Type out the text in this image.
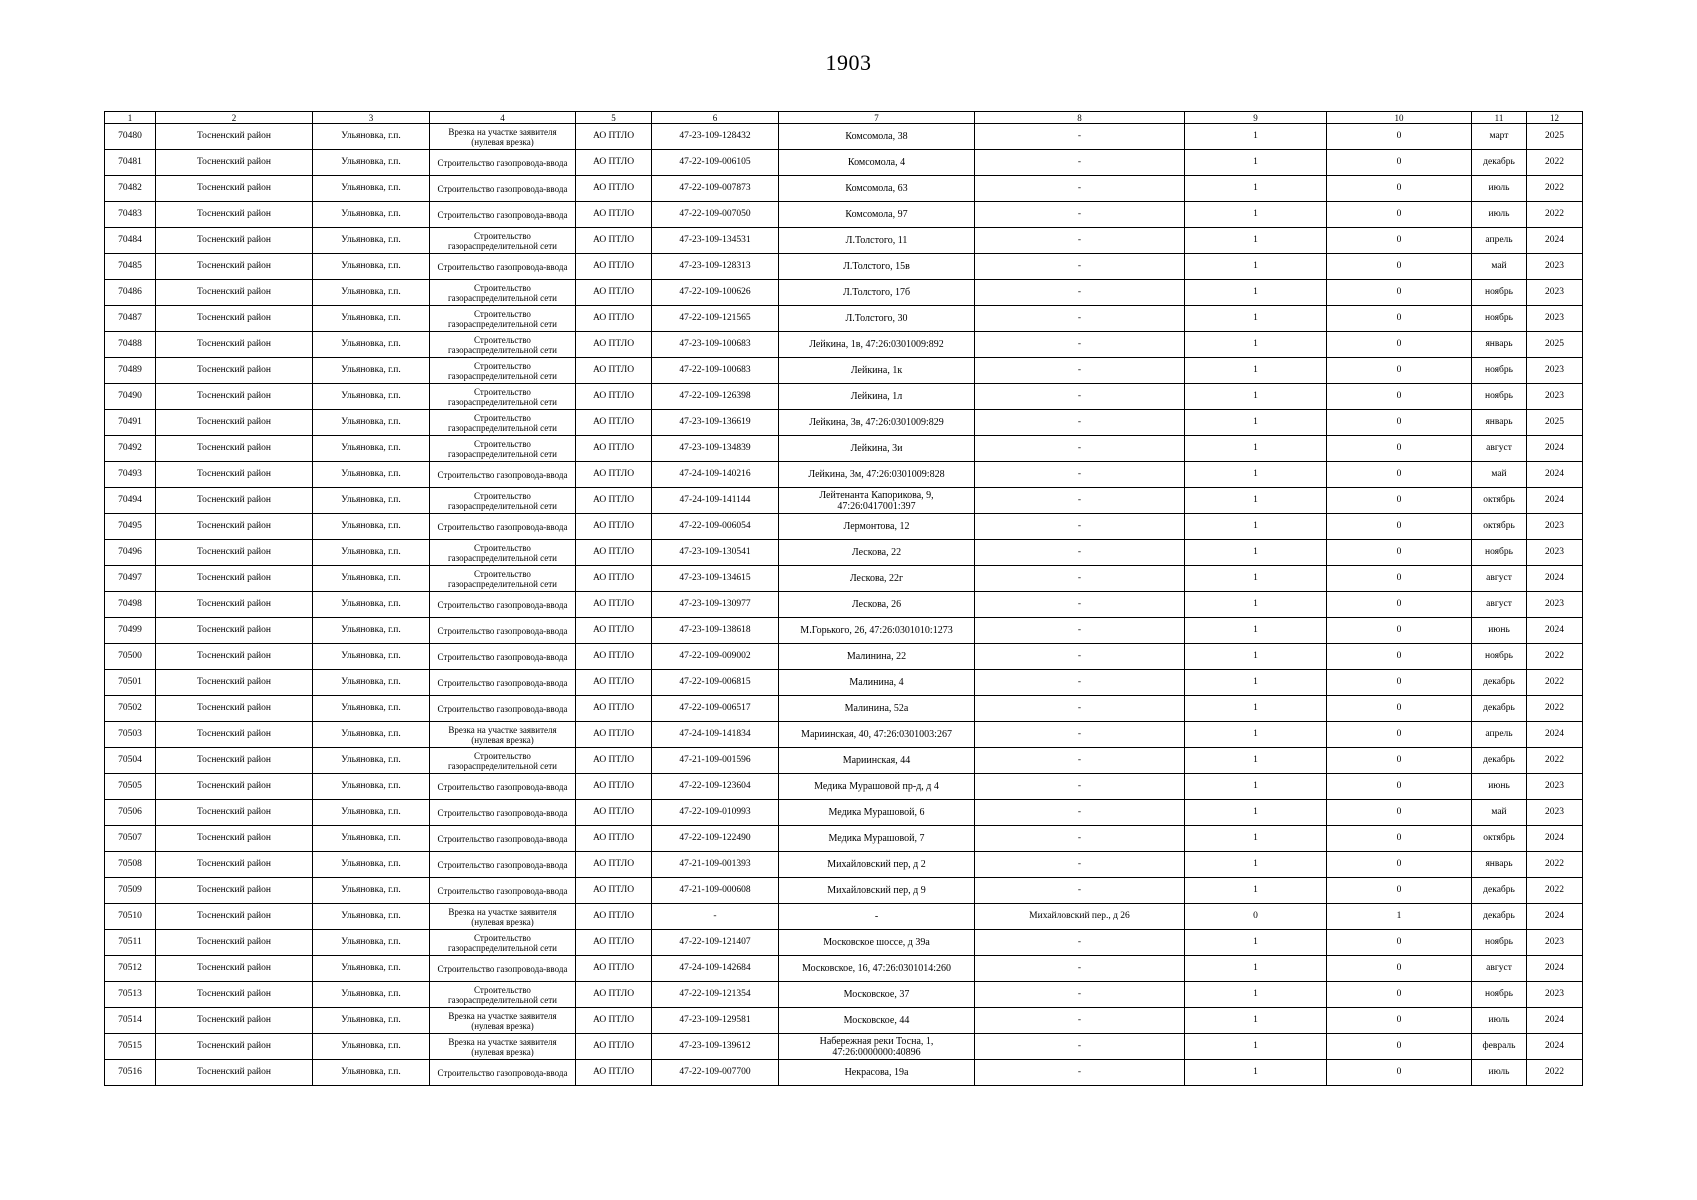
1903
1	2	3	4	5	6	7	8	9	10	11	12
70480	Тосненский район	Ульяновка, г.п.	Врезка на участке заявителя (нулевая врезка)	АО ПТЛО	47-23-109-128432	Комсомола, 38	-	1	0	март	2025
70481	Тосненский район	Ульяновка, г.п.	Строительство газопровода-ввода	АО ПТЛО	47-22-109-006105	Комсомола, 4	-	1	0	декабрь	2022
70482	Тосненский район	Ульяновка, г.п.	Строительство газопровода-ввода	АО ПТЛО	47-22-109-007873	Комсомола, 63	-	1	0	июль	2022
70483	Тосненский район	Ульяновка, г.п.	Строительство газопровода-ввода	АО ПТЛО	47-22-109-007050	Комсомола, 97	-	1	0	июль	2022
70484	Тосненский район	Ульяновка, г.п.	Строительство газораспределительной сети	АО ПТЛО	47-23-109-134531	Л.Толстого, 11	-	1	0	апрель	2024
70485	Тосненский район	Ульяновка, г.п.	Строительство газопровода-ввода	АО ПТЛО	47-23-109-128313	Л.Толстого, 15в	-	1	0	май	2023
70486	Тосненский район	Ульяновка, г.п.	Строительство газораспределительной сети	АО ПТЛО	47-22-109-100626	Л.Толстого, 17б	-	1	0	ноябрь	2023
70487	Тосненский район	Ульяновка, г.п.	Строительство газораспределительной сети	АО ПТЛО	47-22-109-121565	Л.Толстого, 30	-	1	0	ноябрь	2023
70488	Тосненский район	Ульяновка, г.п.	Строительство газораспределительной сети	АО ПТЛО	47-23-109-100683	Лейкина, 1в, 47:26:0301009:892	-	1	0	январь	2025
70489	Тосненский район	Ульяновка, г.п.	Строительство газораспределительной сети	АО ПТЛО	47-22-109-100683	Лейкина, 1к	-	1	0	ноябрь	2023
70490	Тосненский район	Ульяновка, г.п.	Строительство газораспределительной сети	АО ПТЛО	47-22-109-126398	Лейкина, 1л	-	1	0	ноябрь	2023
70491	Тосненский район	Ульяновка, г.п.	Строительство газораспределительной сети	АО ПТЛО	47-23-109-136619	Лейкина, 3в, 47:26:0301009:829	-	1	0	январь	2025
70492	Тосненский район	Ульяновка, г.п.	Строительство газораспределительной сети	АО ПТЛО	47-23-109-134839	Лейкина, 3и	-	1	0	август	2024
70493	Тосненский район	Ульяновка, г.п.	Строительство газопровода-ввода	АО ПТЛО	47-24-109-140216	Лейкина, 3м, 47:26:0301009:828	-	1	0	май	2024
70494	Тосненский район	Ульяновка, г.п.	Строительство газораспределительной сети	АО ПТЛО	47-24-109-141144	Лейтенанта Капорикова, 9, 47:26:0417001:397	-	1	0	октябрь	2024
70495	Тосненский район	Ульяновка, г.п.	Строительство газопровода-ввода	АО ПТЛО	47-22-109-006054	Лермонтова, 12	-	1	0	октябрь	2023
70496	Тосненский район	Ульяновка, г.п.	Строительство газораспределительной сети	АО ПТЛО	47-23-109-130541	Лескова, 22	-	1	0	ноябрь	2023
70497	Тосненский район	Ульяновка, г.п.	Строительство газораспределительной сети	АО ПТЛО	47-23-109-134615	Лескова, 22г	-	1	0	август	2024
70498	Тосненский район	Ульяновка, г.п.	Строительство газопровода-ввода	АО ПТЛО	47-23-109-130977	Лескова, 26	-	1	0	август	2023
70499	Тосненский район	Ульяновка, г.п.	Строительство газопровода-ввода	АО ПТЛО	47-23-109-138618	М.Горького, 26, 47:26:0301010:1273	-	1	0	июнь	2024
70500	Тосненский район	Ульяновка, г.п.	Строительство газопровода-ввода	АО ПТЛО	47-22-109-009002	Малинина, 22	-	1	0	ноябрь	2022
70501	Тосненский район	Ульяновка, г.п.	Строительство газопровода-ввода	АО ПТЛО	47-22-109-006815	Малинина, 4	-	1	0	декабрь	2022
70502	Тосненский район	Ульяновка, г.п.	Строительство газопровода-ввода	АО ПТЛО	47-22-109-006517	Малинина, 52а	-	1	0	декабрь	2022
70503	Тосненский район	Ульяновка, г.п.	Врезка на участке заявителя (нулевая врезка)	АО ПТЛО	47-24-109-141834	Мариинская, 40, 47:26:0301003:267	-	1	0	апрель	2024
70504	Тосненский район	Ульяновка, г.п.	Строительство газораспределительной сети	АО ПТЛО	47-21-109-001596	Мариинская, 44	-	1	0	декабрь	2022
70505	Тосненский район	Ульяновка, г.п.	Строительство газопровода-ввода	АО ПТЛО	47-22-109-123604	Медика Мурашовой пр-д, д 4	-	1	0	июнь	2023
70506	Тосненский район	Ульяновка, г.п.	Строительство газопровода-ввода	АО ПТЛО	47-22-109-010993	Медика Мурашовой, 6	-	1	0	май	2023
70507	Тосненский район	Ульяновка, г.п.	Строительство газопровода-ввода	АО ПТЛО	47-22-109-122490	Медика Мурашовой, 7	-	1	0	октябрь	2024
70508	Тосненский район	Ульяновка, г.п.	Строительство газопровода-ввода	АО ПТЛО	47-21-109-001393	Михайловский пер, д 2	-	1	0	январь	2022
70509	Тосненский район	Ульяновка, г.п.	Строительство газопровода-ввода	АО ПТЛО	47-21-109-000608	Михайловский пер, д 9	-	1	0	декабрь	2022
70510	Тосненский район	Ульяновка, г.п.	Врезка на участке заявителя (нулевая врезка)	АО ПТЛО	-	-	Михайловский пер., д 26	0	1	декабрь	2024
70511	Тосненский район	Ульяновка, г.п.	Строительство газораспределительной сети	АО ПТЛО	47-22-109-121407	Московское шоссе, д 39а	-	1	0	ноябрь	2023
70512	Тосненский район	Ульяновка, г.п.	Строительство газопровода-ввода	АО ПТЛО	47-24-109-142684	Московское, 16, 47:26:0301014:260	-	1	0	август	2024
70513	Тосненский район	Ульяновка, г.п.	Строительство газораспределительной сети	АО ПТЛО	47-22-109-121354	Московское, 37	-	1	0	ноябрь	2023
70514	Тосненский район	Ульяновка, г.п.	Врезка на участке заявителя (нулевая врезка)	АО ПТЛО	47-23-109-129581	Московское, 44	-	1	0	июль	2024
70515	Тосненский район	Ульяновка, г.п.	Врезка на участке заявителя (нулевая врезка)	АО ПТЛО	47-23-109-139612	Набережная реки Тосна, 1, 47:26:0000000:40896	-	1	0	февраль	2024
70516	Тосненский район	Ульяновка, г.п.	Строительство газопровода-ввода	АО ПТЛО	47-22-109-007700	Некрасова, 19а	-	1	0	июль	2022
